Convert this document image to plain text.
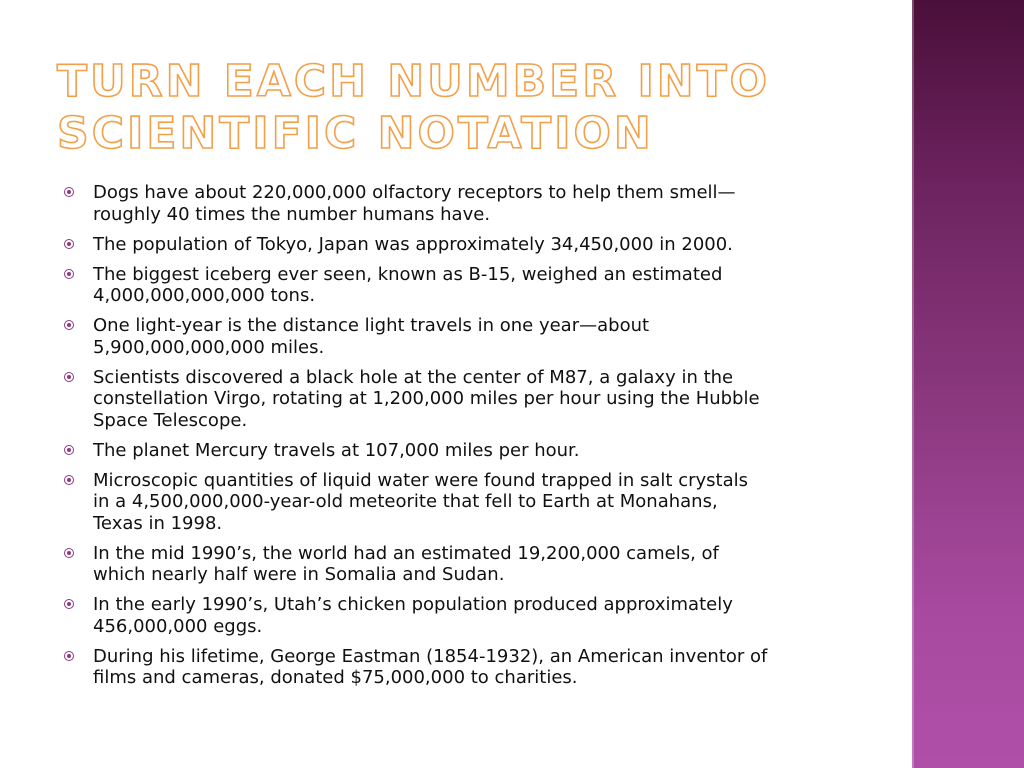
TURN EACH NUMBER INTO
SCIENTIFIC NOTATION
Dogs have about 220,000,000 olfactory receptors to help them smell—
roughly 40 times the number humans have.
The population of Tokyo, Japan was approximately 34,450,000 in 2000.
The biggest iceberg ever seen, known as B-15, weighed an estimated
4,000,000,000,000 tons.
One light-year is the distance light travels in one year—about
5,900,000,000,000 miles.
Scientists discovered a black hole at the center of M87, a galaxy in the
constellation Virgo, rotating at 1,200,000 miles per hour using the Hubble
Space Telescope.
The planet Mercury travels at 107,000 miles per hour.
Microscopic quantities of liquid water were found trapped in salt crystals
in a 4,500,000,000-year-old meteorite that fell to Earth at Monahans,
Texas in 1998.
In the mid 1990’s, the world had an estimated 19,200,000 camels, of
which nearly half were in Somalia and Sudan.
In the early 1990’s, Utah’s chicken population produced approximately
456,000,000 eggs.
During his lifetime, George Eastman (1854-1932), an American inventor of
films and cameras, donated $75,000,000 to charities.
